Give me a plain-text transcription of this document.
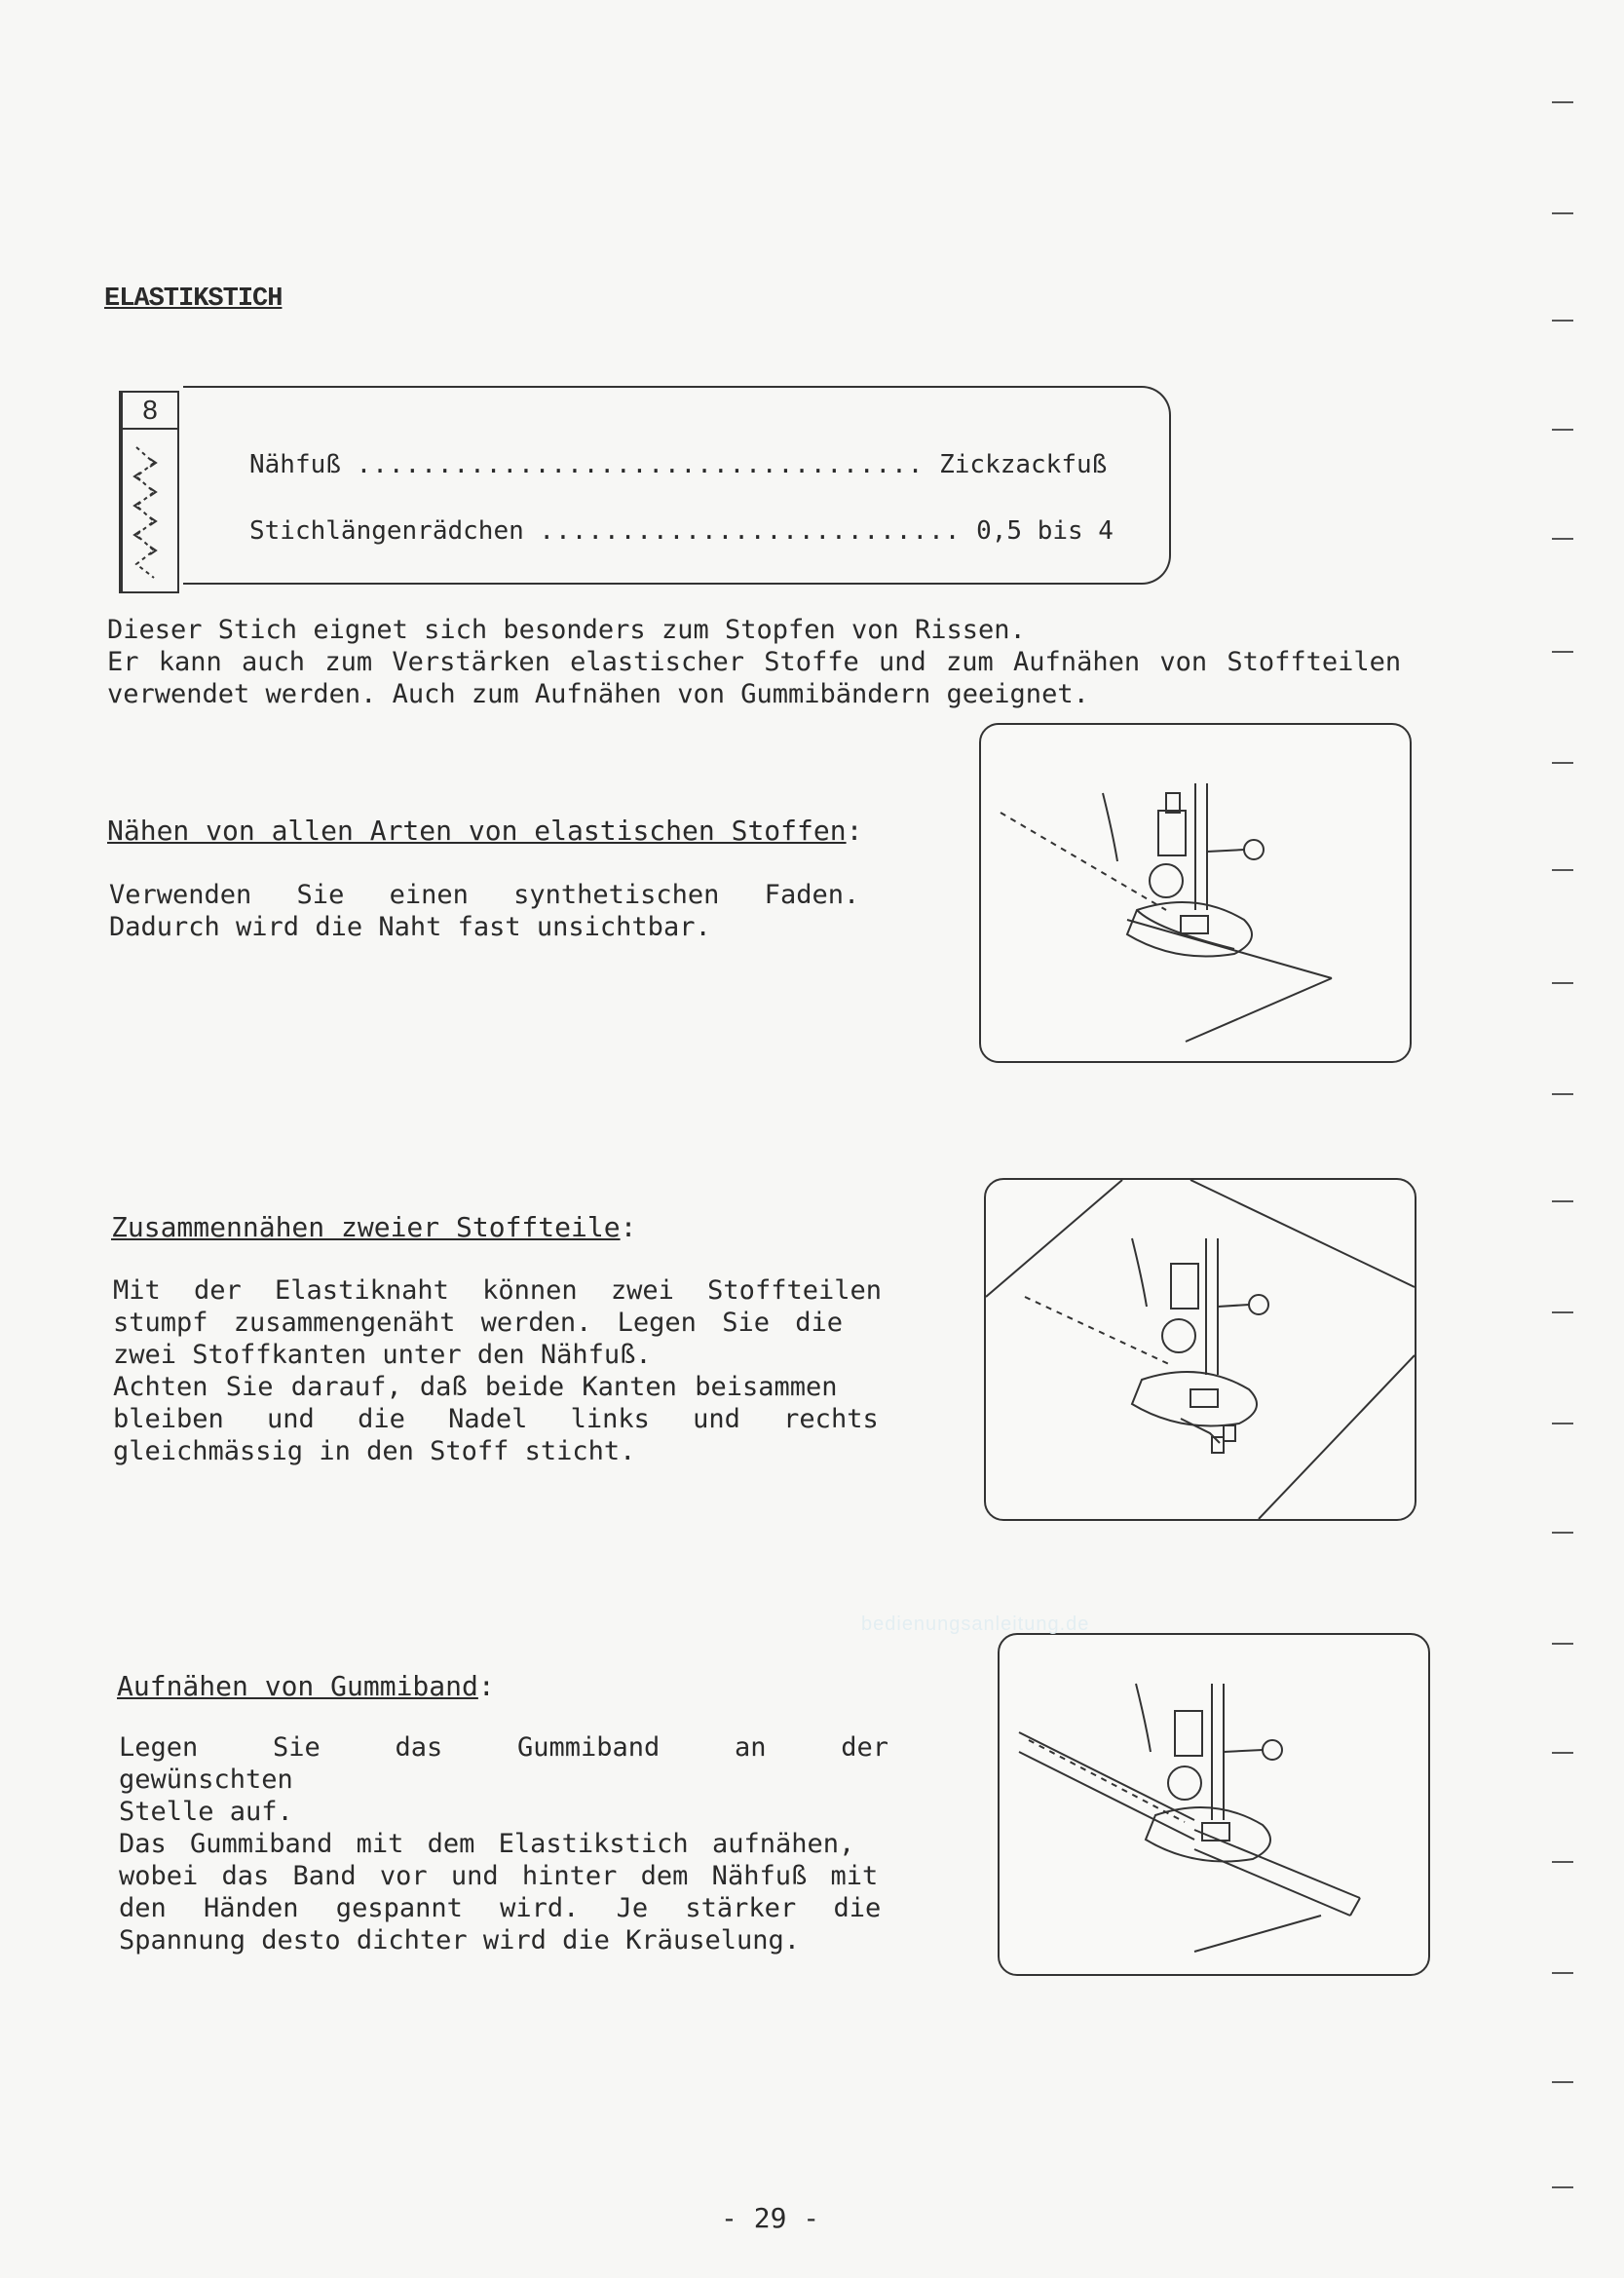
ELASTIKSTICH
8
Nähfuß ................................... Zickzackfuß
Stichlängenrädchen .......................... 0,5 bis 4

Dieser Stich eignet sich besonders zum Stopfen von Rissen.

Er kann auch zum Verstärken elastischer Stoffe und zum Aufnähen von Stoffteilen

verwendet werden. Auch zum Aufnähen von Gummibändern geeignet.

Nähen von allen Arten von elastischen Stoffen:

Verwenden Sie einen synthetischen Faden.

Dadurch wird die Naht fast unsichtbar.

Zusammennähen zweier Stoffteile:

Mit der Elastiknaht können zwei Stoffteilen

stumpf zusammengenäht werden. Legen Sie die

zwei Stoffkanten unter den Nähfuß.

Achten Sie darauf, daß beide Kanten beisammen

bleiben und die Nadel links und rechts

gleichmässig in den Stoff sticht.

Aufnähen von Gummiband:

Legen Sie das Gummiband an der gewünschten

Stelle auf.

Das Gummiband mit dem Elastikstich aufnähen,

wobei das Band vor und hinter dem Nähfuß mit

den Händen gespannt wird. Je stärker die

Spannung desto dichter wird die Kräuselung.

bedienungsanleitung.de
- 29 -
